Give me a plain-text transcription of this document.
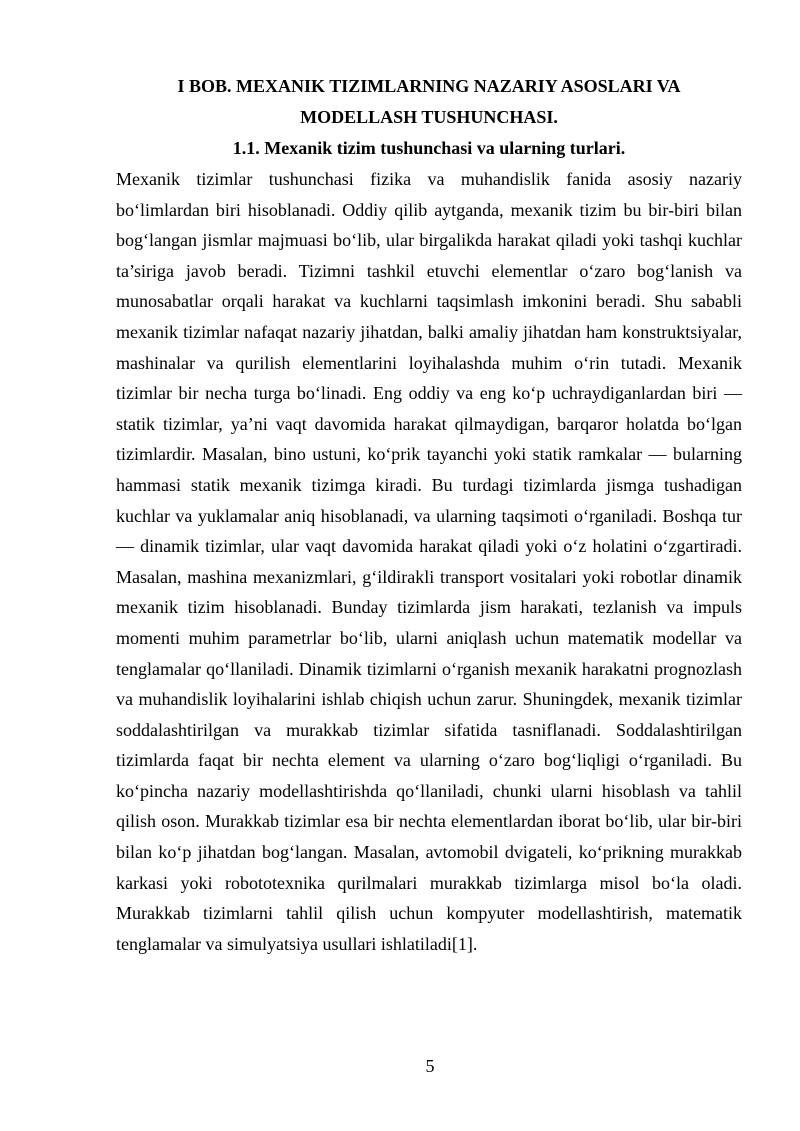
I BOB. MEXANIK TIZIMLARNING NAZARIY ASOSLARI VA

MODELLASH TUSHUNCHASI.

1.1. Mexanik tizim tushunchasi va ularning turlari.

Mexanik tizimlar tushunchasi fizika va muhandislik fanida asosiy nazariy bo‘limlardan biri hisoblanadi. Oddiy qilib aytganda, mexanik tizim bu bir-biri bilan bog‘langan jismlar majmuasi bo‘lib, ular birgalikda harakat qiladi yoki tashqi kuchlar ta’siriga javob beradi. Tizimni tashkil etuvchi elementlar o‘zaro bog‘lanish va munosabatlar orqali harakat va kuchlarni taqsimlash imkonini beradi. Shu sababli mexanik tizimlar nafaqat nazariy jihatdan, balki amaliy jihatdan ham konstruktsiyalar, mashinalar va qurilish elementlarini loyihalashda muhim o‘rin tutadi. Mexanik tizimlar bir necha turga bo‘linadi. Eng oddiy va eng ko‘p uchraydiganlardan biri — statik tizimlar, ya’ni vaqt davomida harakat qilmaydigan, barqaror holatda bo‘lgan tizimlardir. Masalan, bino ustuni, ko‘prik tayanchi yoki statik ramkalar — bularning hammasi statik mexanik tizimga kiradi. Bu turdagi tizimlarda jismga tushadigan kuchlar va yuklamalar aniq hisoblanadi, va ularning taqsimoti o‘rganiladi. Boshqa tur — dinamik tizimlar, ular vaqt davomida harakat qiladi yoki o‘z holatini o‘zgartiradi. Masalan, mashina mexanizmlari, g‘ildirakli transport vositalari yoki robotlar dinamik mexanik tizim hisoblanadi. Bunday tizimlarda jism harakati, tezlanish va impuls momenti muhim parametrlar bo‘lib, ularni aniqlash uchun matematik modellar va tenglamalar qo‘llaniladi. Dinamik tizimlarni o‘rganish mexanik harakatni prognozlash va muhandislik loyihalarini ishlab chiqish uchun zarur. Shuningdek, mexanik tizimlar soddalashtirilgan va murakkab tizimlar sifatida tasniflanadi. Soddalashtirilgan tizimlarda faqat bir nechta element va ularning o‘zaro bog‘liqligi o‘rganiladi. Bu ko‘pincha nazariy modellashtirishda qo‘llaniladi, chunki ularni hisoblash va tahlil qilish oson. Murakkab tizimlar esa bir nechta elementlardan iborat bo‘lib, ular bir-biri bilan ko‘p jihatdan bog‘langan. Masalan, avtomobil dvigateli, ko‘prikning murakkab karkasi yoki robototexnika qurilmalari murakkab tizimlarga misol bo‘la oladi. Murakkab tizimlarni tahlil qilish uchun kompyuter modellashtirish, matematik tenglamalar va simulyatsiya usullari ishlatiladi[1].

5
